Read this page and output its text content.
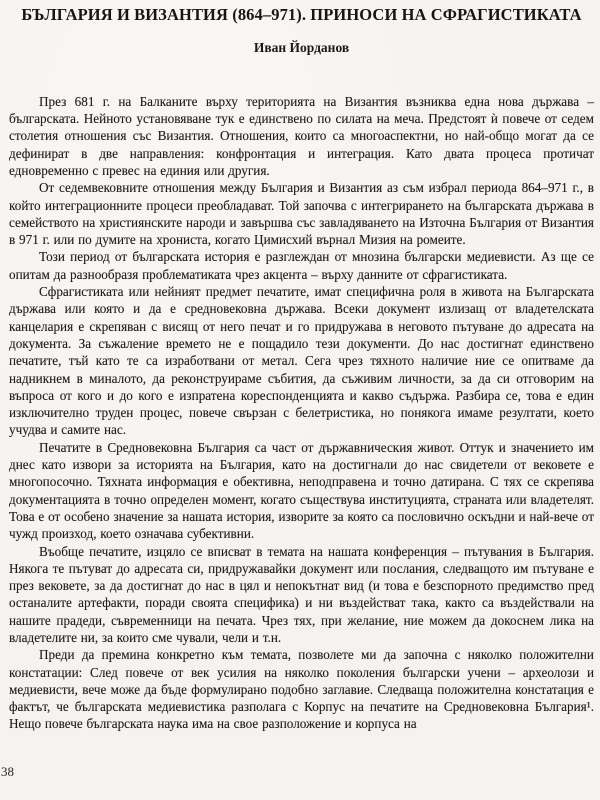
БЪЛГАРИЯ И ВИЗАНТИЯ (864–971). ПРИНОСИ НА СФРАГИСТИКАТА
Иван Йорданов

През 681 г. на Балканите върху територията на Византия възниква една нова държава – българската. Нейното установяване тук е единствено по силата на меча. Предстоят ѝ повече от седем столетия отношения със Византия. Отношения, които са многоаспектни, но най-общо могат да се дефинират в две направления: конфронтация и интеграция. Като двата процеса протичат едновременно с превес на единия или другия.

От седемвековните отношения между България и Византия аз съм избрал периода 864–971 г., в който интеграционните процеси преобладават. Той започва с интегрирането на българската държава в семейството на християнските народи и завършва със завладяването на Източна България от Византия в 971 г. или по думите на хрониста, когато Цимисхий върнал Мизия на ромеите.

Този период от българската история е разглеждан от мнозина български медиевисти. Аз ще се опитам да разнообразя проблематиката чрез акцента – върху данните от сфрагистиката.

Сфрагистиката или нейният предмет печатите, имат специфична роля в живота на Българската държава или която и да е средновековна държава. Всеки документ излизащ от владетелската канцелария е скрепяван с висящ от него печат и го придружава в неговото пътуване до адресата на документа. За съжаление времето не е пощадило тези документи. До нас достигнат единствено печатите, тъй като те са изработвани от метал. Сега чрез тяхното наличие ние се опитваме да надникнем в миналото, да реконструираме събития, да съживим личности, за да си отговорим на въпроса от кого и до кого е изпратена кореспонденцията и какво съдържа. Разбира се, това е един изключително труден процес, повече свързан с белетристика, но понякога имаме резултати, което учудва и самите нас.

Печатите в Средновековна България са част от държавническия живот. Оттук и значението им днес като извори за историята на България, като на достигнали до нас свидетели от вековете е многопосочно. Тяхната информация е обективна, неподправена и точно датирана. С тях се скрепява документацията в точно определен момент, когато съществува институцията, страната или владетелят. Това е от особено значение за нашата история, изворите за която са пословично оскъдни и най-вече от чужд произход, което означава субективни.

Въобще печатите, изцяло се вписват в темата на нашата конференция – пътувания в България. Някога те пътуват до адресата си, придружавайки документ или послания, следващото им пътуване е през вековете, за да достигнат до нас в цял и непокътнат вид (и това е безспорното предимство пред останалите артефакти, поради своята специфика) и ни въздействат така, както са въздействали на нашите прадеди, съвременници на печата. Чрез тях, при желание, ние можем да докоснем лика на владетелите ни, за които сме чували, чели и т.н.

Преди да премина конкретно към темата, позволете ми да започна с няколко положителни констатации: След повече от век усилия на няколко поколения български учени – археолози и медиевисти, вече може да бъде формулирано подобно заглавие. Следваща положителна констатация е фактът, че българската медиевистика разполага с Корпус на печатите на Средновековна България¹. Нещо повече българската наука има на свое разположение и корпуса на

38
